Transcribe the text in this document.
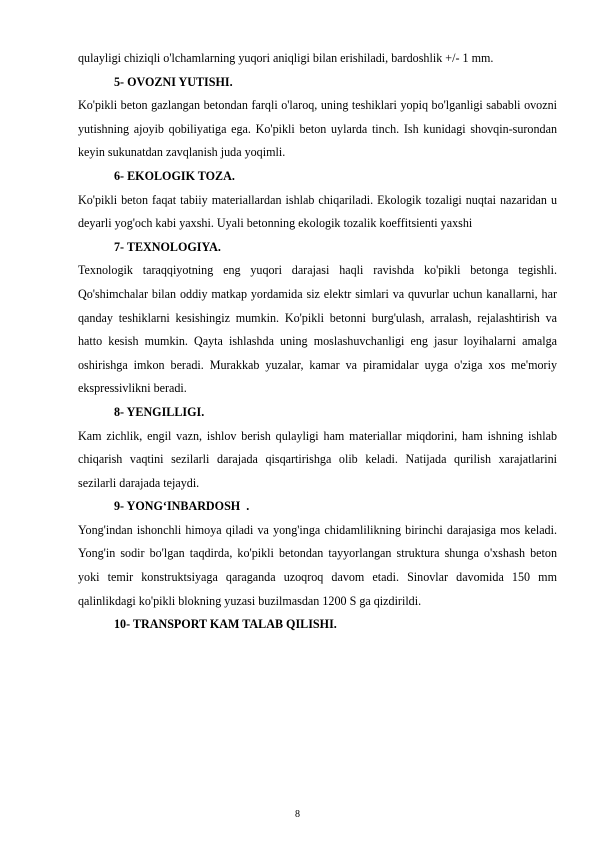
qulayligi chiziqli o'lchamlarning yuqori aniqligi bilan erishiladi, bardoshlik +/- 1 mm.

5- OVOZNI YUTISHI.

Ko'pikli beton gazlangan betondan farqli o'laroq, uning teshiklari yopiq bo'lganligi sababli ovozni yutishning ajoyib qobiliyatiga ega. Ko'pikli beton uylarda tinch. Ish kunidagi shovqin-surondan keyin sukunatdan zavqlanish juda yoqimli.

6- EKOLOGIK TOZA.

Ko'pikli beton faqat tabiiy materiallardan ishlab chiqariladi. Ekologik tozaligi nuqtai nazaridan u deyarli yog'och kabi yaxshi. Uyali betonning ekologik tozalik koeffitsienti yaxshi

7- TEXNOLOGIYA.

Texnologik taraqqiyotning eng yuqori darajasi haqli ravishda ko'pikli betonga tegishli. Qo'shimchalar bilan oddiy matkap yordamida siz elektr simlari va quvurlar uchun kanallarni, har qanday teshiklarni kesishingiz mumkin. Ko'pikli betonni burg'ulash, arralash, rejalashtirish va hatto kesish mumkin. Qayta ishlashda uning moslashuvchanligi eng jasur loyihalarni amalga oshirishga imkon beradi. Murakkab yuzalar, kamar va piramidalar uyga o'ziga xos me'moriy ekspressivlikni beradi.

8- YENGILLIGI.

Kam zichlik, engil vazn, ishlov berish qulayligi ham materiallar miqdorini, ham ishning ishlab chiqarish vaqtini sezilarli darajada qisqartirishga olib keladi. Natijada qurilish xarajatlarini sezilarli darajada tejaydi.

9- YONG‘INBARDOSH  .

Yong'indan ishonchli himoya qiladi va yong'inga chidamlilikning birinchi darajasiga mos keladi. Yong'in sodir bo'lgan taqdirda, ko'pikli betondan tayyorlangan struktura shunga o'xshash beton yoki temir konstruktsiyaga qaraganda uzoqroq davom etadi. Sinovlar davomida 150 mm qalinlikdagi ko'pikli blokning yuzasi buzilmasdan 1200 S ga qizdirildi.

10- TRANSPORT KAM TALAB QILISHI.

8
